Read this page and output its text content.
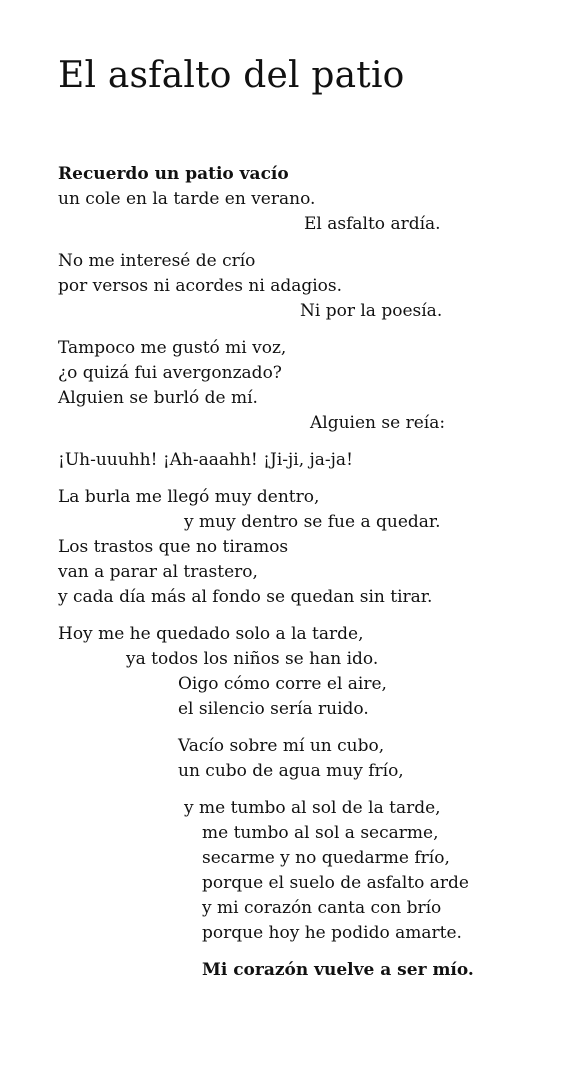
El asfalto del patio
Recuerdo un patio vacío
un cole en la tarde en verano.
El asfalto ardía.
No me interesé de crío
por versos ni acordes ni adagios.
Ni por la poesía.
Tampoco me gustó mi voz,
¿o quizá fui avergonzado?
Alguien se burló de mí.
Alguien se reía:
¡Uh-uuuhh! ¡Ah-aaahh! ¡Ji-ji, ja-ja!
La burla me llegó muy dentro,
y muy dentro se fue a quedar.
Los trastos que no tiramos
van a parar al trastero,
y cada día más al fondo se quedan sin tirar.
Hoy me he quedado solo a la tarde,
ya todos los niños se han ido.
Oigo cómo corre el aire,
el silencio sería ruido.
Vacío sobre mí un cubo,
un cubo de agua muy frío,
y me tumbo al sol de la tarde,
me tumbo al sol a secarme,
secarme y no quedarme frío,
porque el suelo de asfalto arde
y mi corazón canta con brío
porque hoy he podido amarte.
Mi corazón vuelve a ser mío.
